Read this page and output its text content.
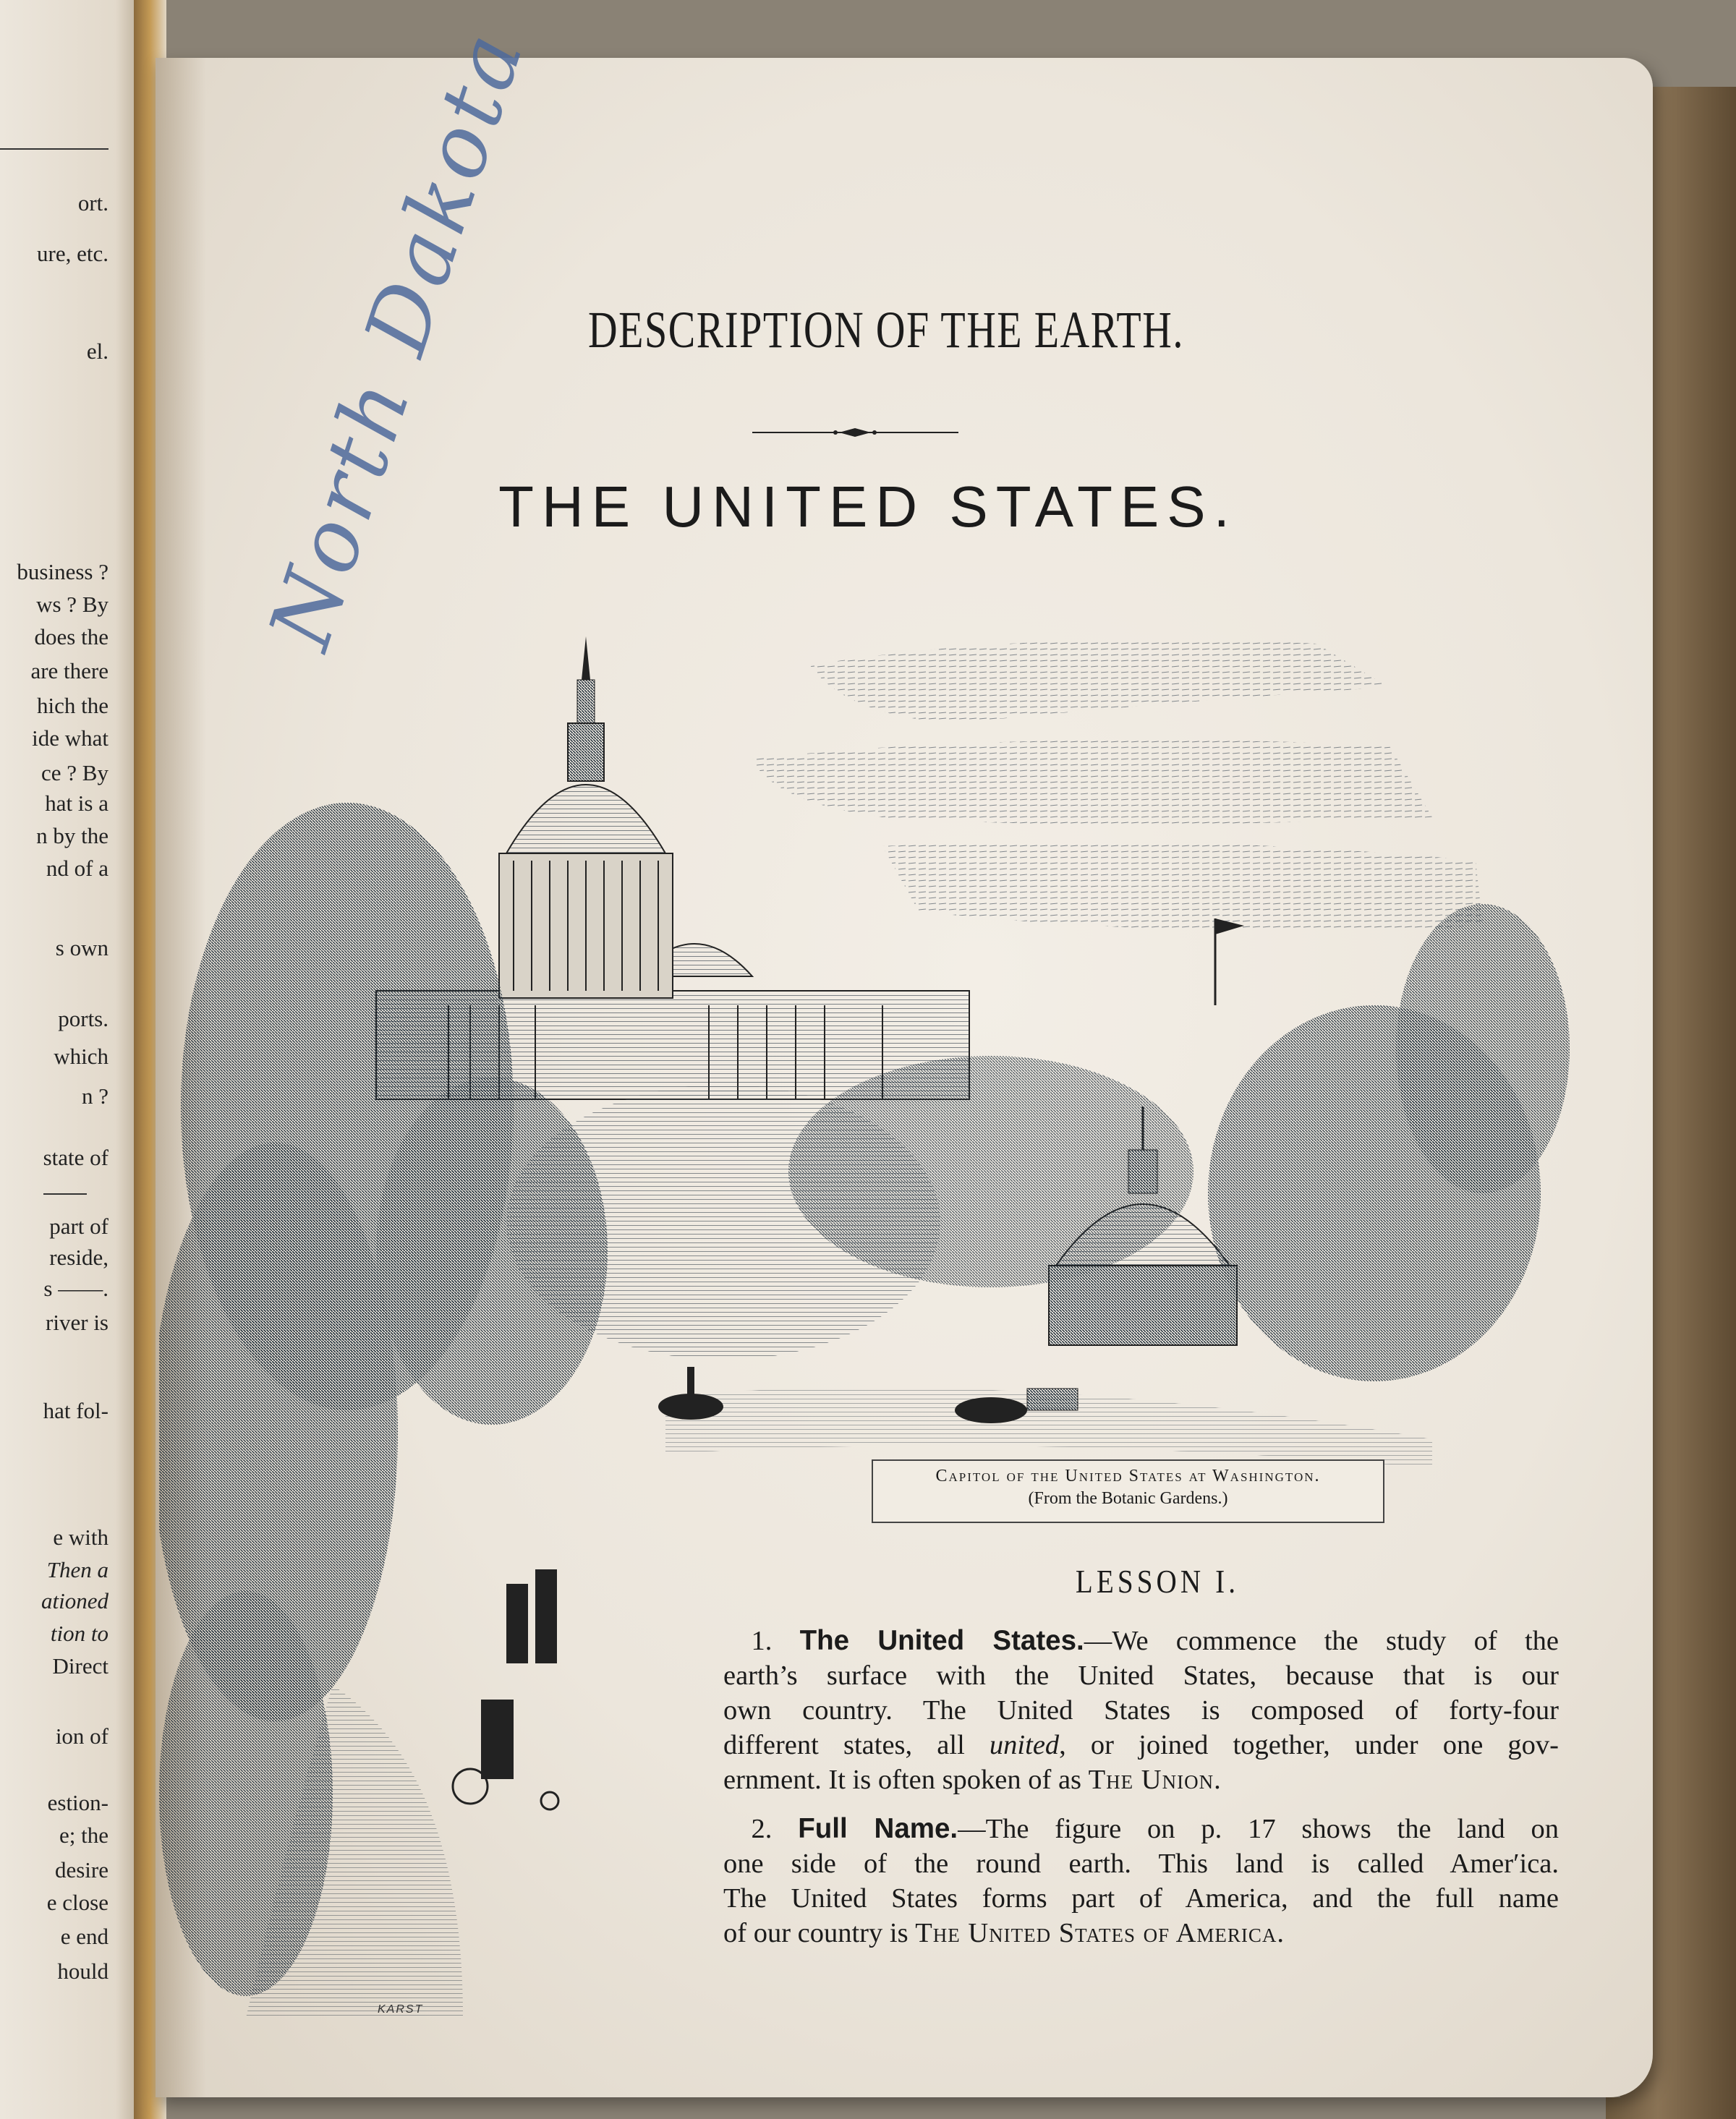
ort.
ure, etc.
el.
business ?
ws ? By
does the
are there
hich the
ide what
ce ? By
hat is a
n by the
nd of a
s own
ports.
which
n ?
state of
part of
reside,
s ——.
river is
hat fol-
e with
Then a
ationed
tion to
Direct
ion of
estion-
e; the
desire
e close
e end
hould
North Dakota DESCRIPTION OF THE EARTH.
THE UNITED STATES.
KARST
Capitol of the United States at Washington.
(From the Botanic Gardens.)
LESSON I.
 1. The United States.—We commence the study of the
earth’s surface with the United States, because that is our
own country. The United States is composed of forty-four
different states, all united, or joined together, under one gov-
ernment. It is often spoken of as The Union.
 2. Full Name.—The figure on p. 17 shows the land on
one side of the round earth. This land is called Amer′ica.
The United States forms part of America, and the full name
of our country is The United States of America.
